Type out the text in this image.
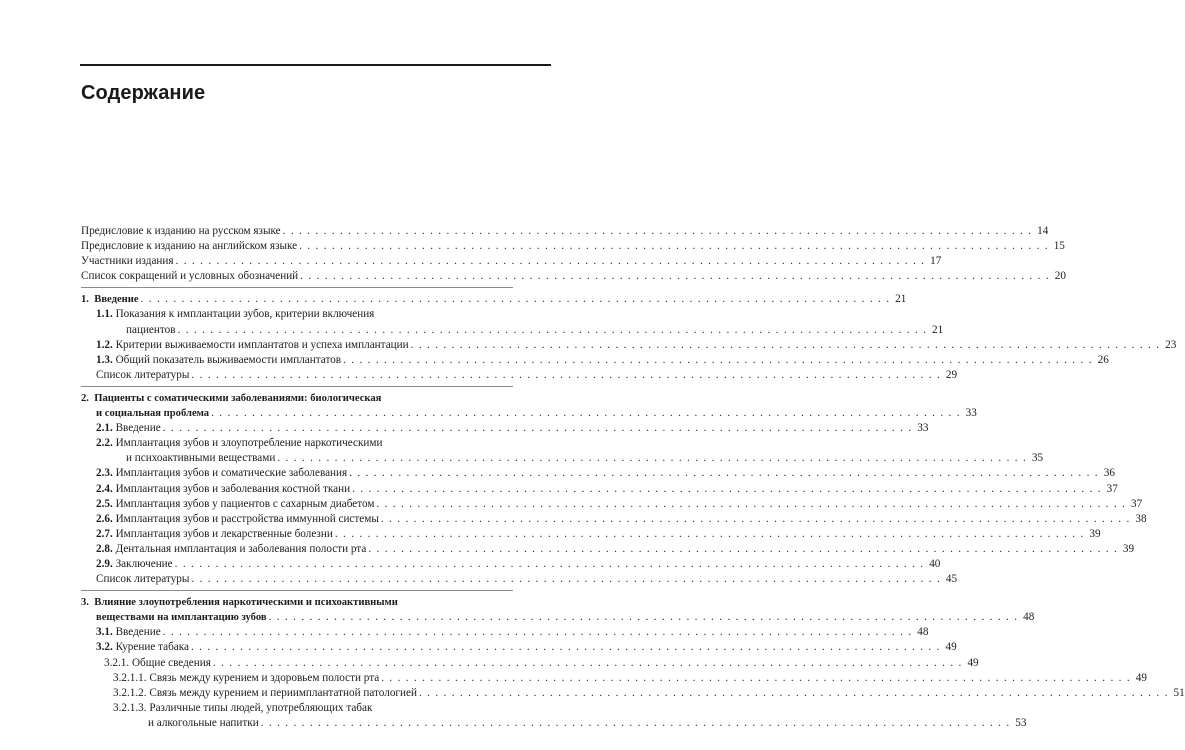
Содержание
Предисловие к изданию на русском языке . . .	14
Предисловие к изданию на английском языке . . .	15
Участники издания . . .	17
Список сокращений и условных обозначений . . .	20
1. Введение . . .	21
1.1. Показания к имплантации зубов, критерии включения
пациентов . . .	21
1.2. Критерии выживаемости имплантатов и успеха имплантации . . .	23
1.3. Общий показатель выживаемости имплантатов . . .	26
Список литературы . . .	29
2. Пациенты с соматическими заболеваниями: биологическая
и социальная проблема . . .	33
2.1. Введение . . .	33
2.2. Имплантация зубов и злоупотребление наркотическими
и психоактивными веществами . . .	35
2.3. Имплантация зубов и соматические заболевания . . .	36
2.4. Имплантация зубов и заболевания костной ткани . . .	37
2.5. Имплантация зубов у пациентов с сахарным диабетом . . .	37
2.6. Имплантация зубов и расстройства иммунной системы . . .	38
2.7. Имплантация зубов и лекарственные болезни . . .	39
2.8. Дентальная имплантация и заболевания полости рта . . .	39
2.9. Заключение . . .	40
Список литературы . . .	45
3. Влияние злоупотребления наркотическими и психоактивными
веществами на имплантацию зубов . . .	48
3.1. Введение . . .	48
3.2. Курение табака . . .	49
3.2.1. Общие сведения . . .	49
3.2.1.1. Связь между курением и здоровьем полости рта . . .	49
3.2.1.2. Связь между курением и периимплантатной патологией . . .	51
3.2.1.3. Различные типы людей, употребляющих табак
и алкогольные напитки . . .	53
